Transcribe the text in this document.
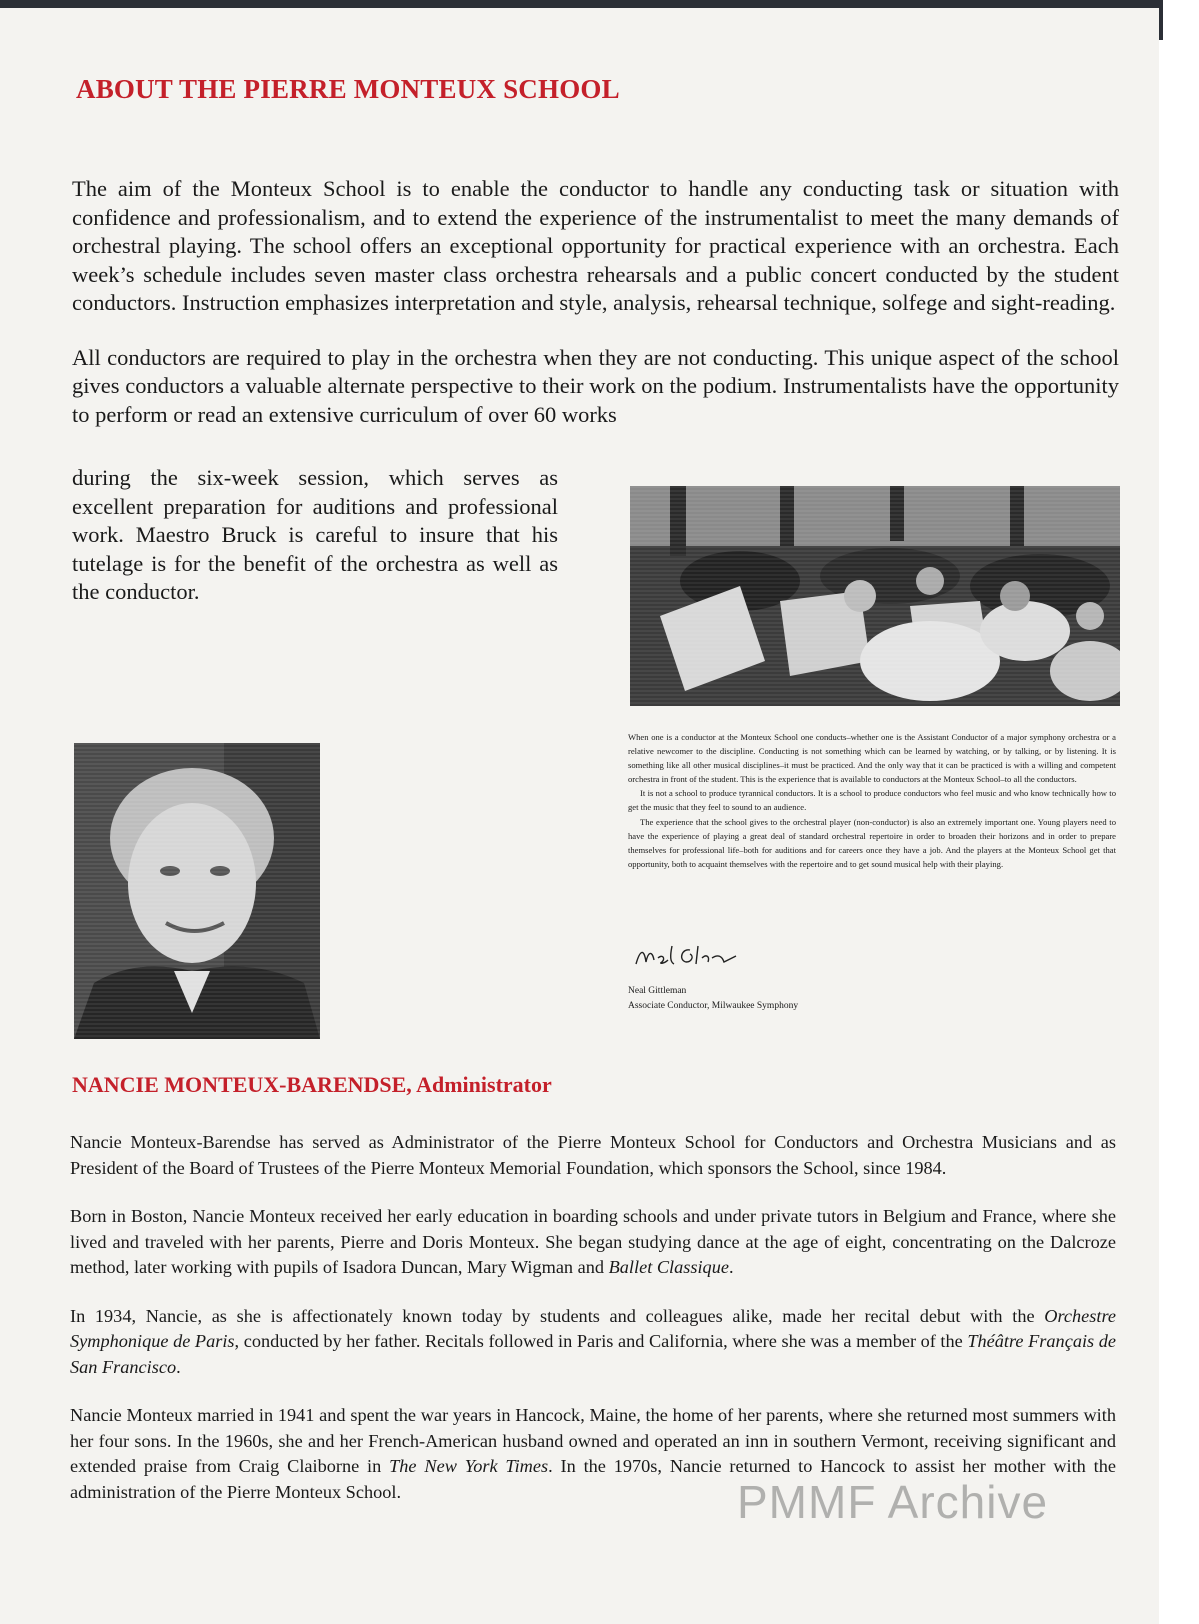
ABOUT THE PIERRE MONTEUX SCHOOL

The aim of the Monteux School is to enable the conductor to handle any conducting task or situation with confidence and professionalism, and to extend the experience of the instrumentalist to meet the many demands of orchestral playing. The school offers an exceptional opportunity for practical experience with an orchestra. Each week’s schedule includes seven master class orchestra rehearsals and a public concert conducted by the student conductors. Instruction emphasizes interpretation and style, analysis, rehearsal technique, solfege and sight-reading.

All conductors are required to play in the orchestra when they are not conducting. This unique aspect of the school gives conductors a valuable alternate perspective to their work on the podium. Instrumentalists have the opportunity to perform or read an extensive curriculum of over 60 works

during the six-week session, which serves as excellent preparation for auditions and professional work. Maestro Bruck is careful to insure that his tutelage is for the benefit of the orchestra as well as the conductor.

When one is a conductor at the Monteux School one conducts–whether one is the Assistant Conductor of a major symphony orchestra or a relative newcomer to the discipline. Conducting is not something which can be learned by watching, or by talking, or by listening. It is something like all other musical disciplines–it must be practiced. And the only way that it can be practiced is with a willing and competent orchestra in front of the student. This is the experience that is available to conductors at the Monteux School–to all the conductors.

It is not a school to produce tyrannical conductors. It is a school to produce conductors who feel music and who know technically how to get the music that they feel to sound to an audience.

The experience that the school gives to the orchestral player (non-conductor) is also an extremely important one. Young players need to have the experience of playing a great deal of standard orchestral repertoire in order to broaden their horizons and in order to prepare themselves for professional life–both for auditions and for careers once they have a job. And the players at the Monteux School get that opportunity, both to acquaint themselves with the repertoire and to get sound musical help with their playing.

Neal Gittleman
Associate Conductor, Milwaukee Symphony
NANCIE MONTEUX-BARENDSE, Administrator

Nancie Monteux-Barendse has served as Administrator of the Pierre Monteux School for Conductors and Orchestra Musicians and as President of the Board of Trustees of the Pierre Monteux Memorial Foundation, which sponsors the School, since 1984.

Born in Boston, Nancie Monteux received her early education in boarding schools and under private tutors in Belgium and France, where she lived and traveled with her parents, Pierre and Doris Monteux. She began studying dance at the age of eight, concentrating on the Dalcroze method, later working with pupils of Isadora Duncan, Mary Wigman and Ballet Classique.

In 1934, Nancie, as she is affectionately known today by students and colleagues alike, made her recital debut with the Orchestre Symphonique de Paris, conducted by her father. Recitals followed in Paris and California, where she was a member of the Théâtre Français de San Francisco.

Nancie Monteux married in 1941 and spent the war years in Hancock, Maine, the home of her parents, where she returned most summers with her four sons. In the 1960s, she and her French-American husband owned and operated an inn in southern Vermont, receiving significant and extended praise from Craig Claiborne in The New York Times. In the 1970s, Nancie returned to Hancock to assist her mother with the administration of the Pierre Monteux School.	PMMF Archive
